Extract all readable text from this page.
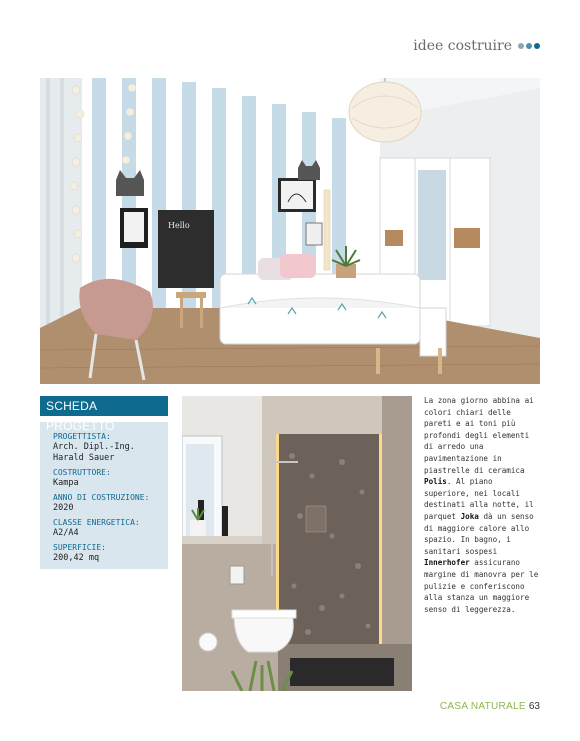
idee costruire
Hello
SCHEDA PROGETTO
PROGETTISTA:
Arch. Dipl.-Ing.
Harald Sauer
COSTRUTTORE:
Kampa
ANNO DI COSTRUZIONE:
2020
CLASSE ENERGETICA:
A2/A4
SUPERFICIE:
200,42 mq
La zona giorno abbina ai colori chiari delle pareti e ai toni più profondi degli elementi di arredo una pavimentazione in piastrelle di ceramica Polis. Al piano superiore, nei locali destinati alla notte, il parquet Joka dà un senso di maggiore calore allo spazio. In bagno, i sanitari sospesi Innerhofer assicurano margine di manovra per le pulizie e conferiscono alla stanza un maggiore senso di leggerezza.
CASA NATURALE 63
